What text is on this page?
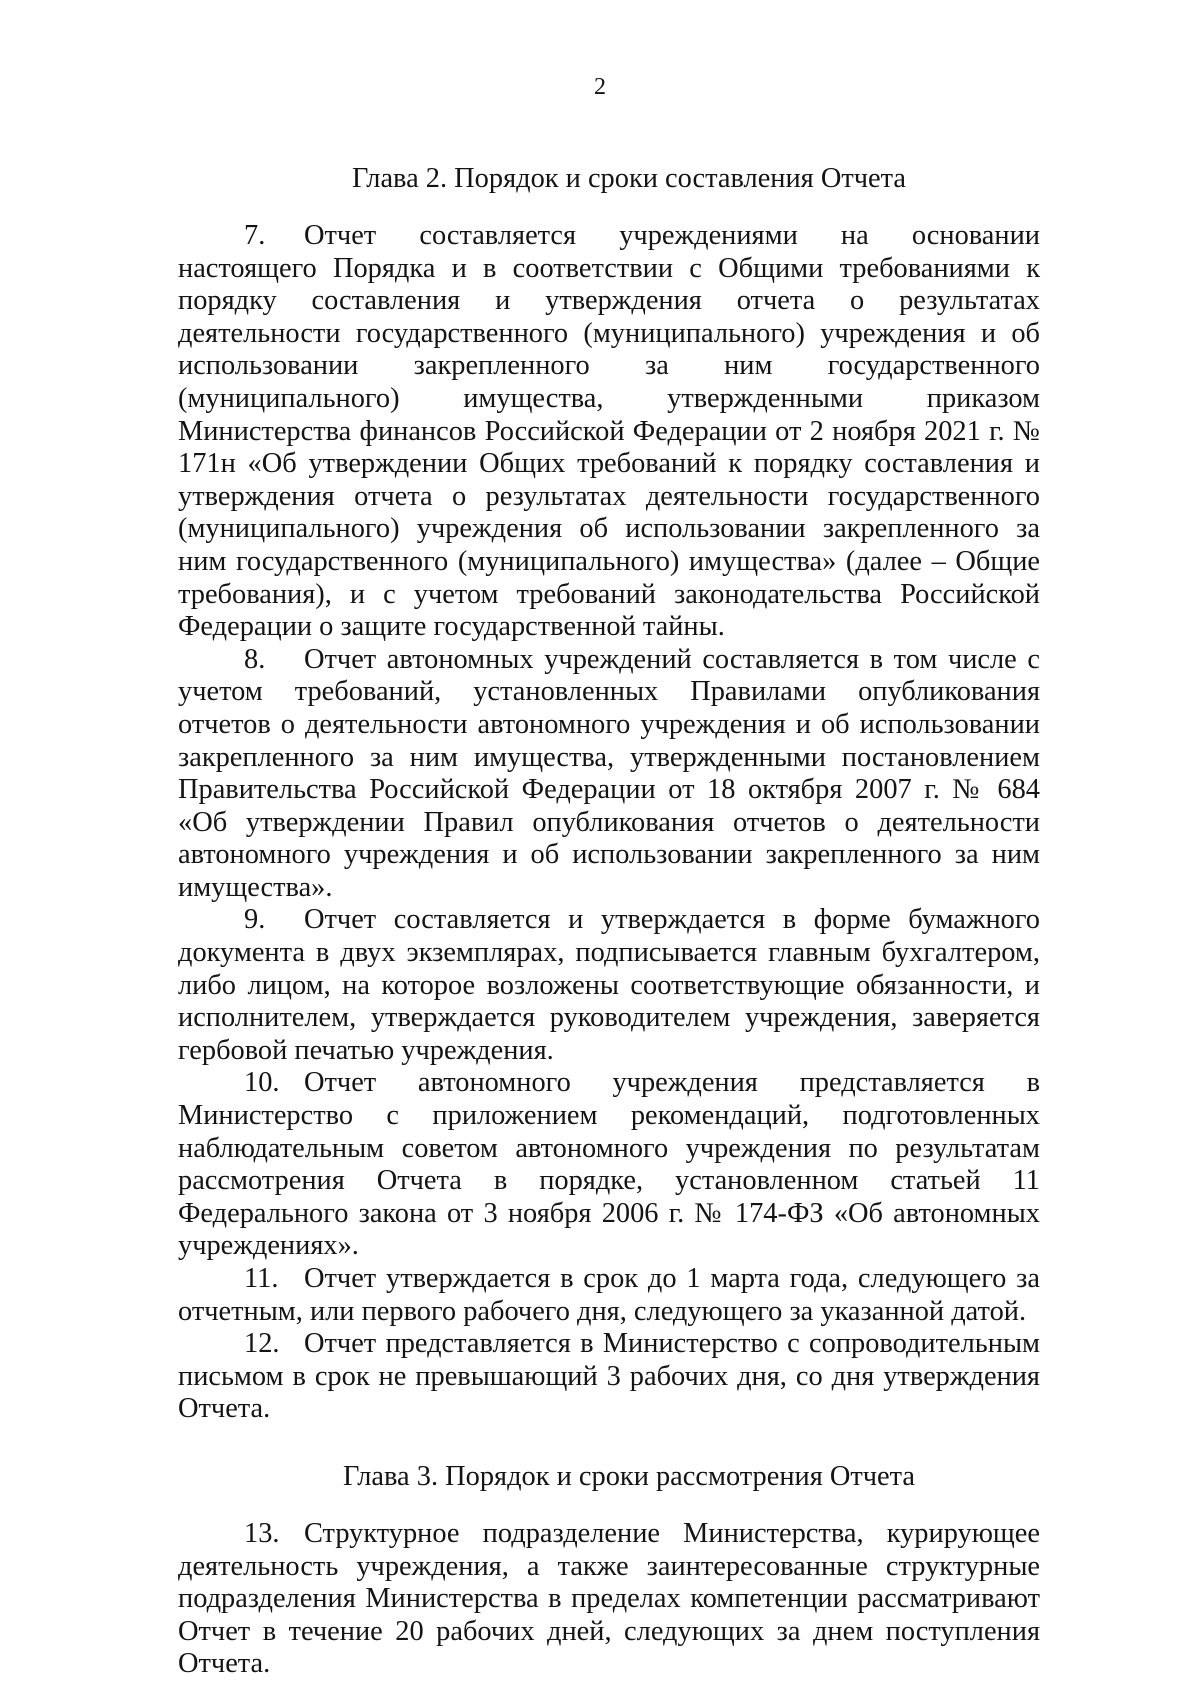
2
Глава 2. Порядок и сроки составления Отчета

7. Отчет составляется учреждениями на основании настоящего Порядка и в соответствии с Общими требованиями к порядку составления и утверждения отчета о результатах деятельности государственного (муниципального) учреждения и об использовании закрепленного за ним государственного (муниципального) имущества, утвержденными приказом Министерства финансов Российской Федерации от 2 ноября 2021 г. № 171н «Об утверждении Общих требований к порядку составления и утверждения отчета о результатах деятельности государственного (муниципального) учреждения об использовании закрепленного за ним государственного (муниципального) имущества» (далее – Общие требования), и с учетом требований законодательства Российской Федерации о защите государственной тайны.

8. Отчет автономных учреждений составляется в том числе с учетом требований, установленных Правилами опубликования отчетов о деятельности автономного учреждения и об использовании закрепленного за ним имущества, утвержденными постановлением Правительства Российской Федерации от 18 октября 2007 г. № 684 «Об утверждении Правил опубликования отчетов о деятельности автономного учреждения и об использовании закрепленного за ним имущества».

9. Отчет составляется и утверждается в форме бумажного документа в двух экземплярах, подписывается главным бухгалтером, либо лицом, на которое возложены соответствующие обязанности, и исполнителем, утверждается руководителем учреждения, заверяется гербовой печатью учреждения.

10. Отчет автономного учреждения представляется в Министерство с приложением рекомендаций, подготовленных наблюдательным советом автономного учреждения по результатам рассмотрения Отчета в порядке, установленном статьей 11 Федерального закона от 3 ноября 2006 г. № 174-ФЗ «Об автономных учреждениях».

11. Отчет утверждается в срок до 1 марта года, следующего за отчетным, или первого рабочего дня, следующего за указанной датой.

12. Отчет представляется в Министерство с сопроводительным письмом в срок не превышающий 3 рабочих дня, со дня утверждения Отчета.

Глава 3. Порядок и сроки рассмотрения Отчета

13. Структурное подразделение Министерства, курирующее деятельность учреждения, а также заинтересованные структурные подразделения Министерства в пределах компетенции рассматривают Отчет в течение 20 рабочих дней, следующих за днем поступления Отчета.
